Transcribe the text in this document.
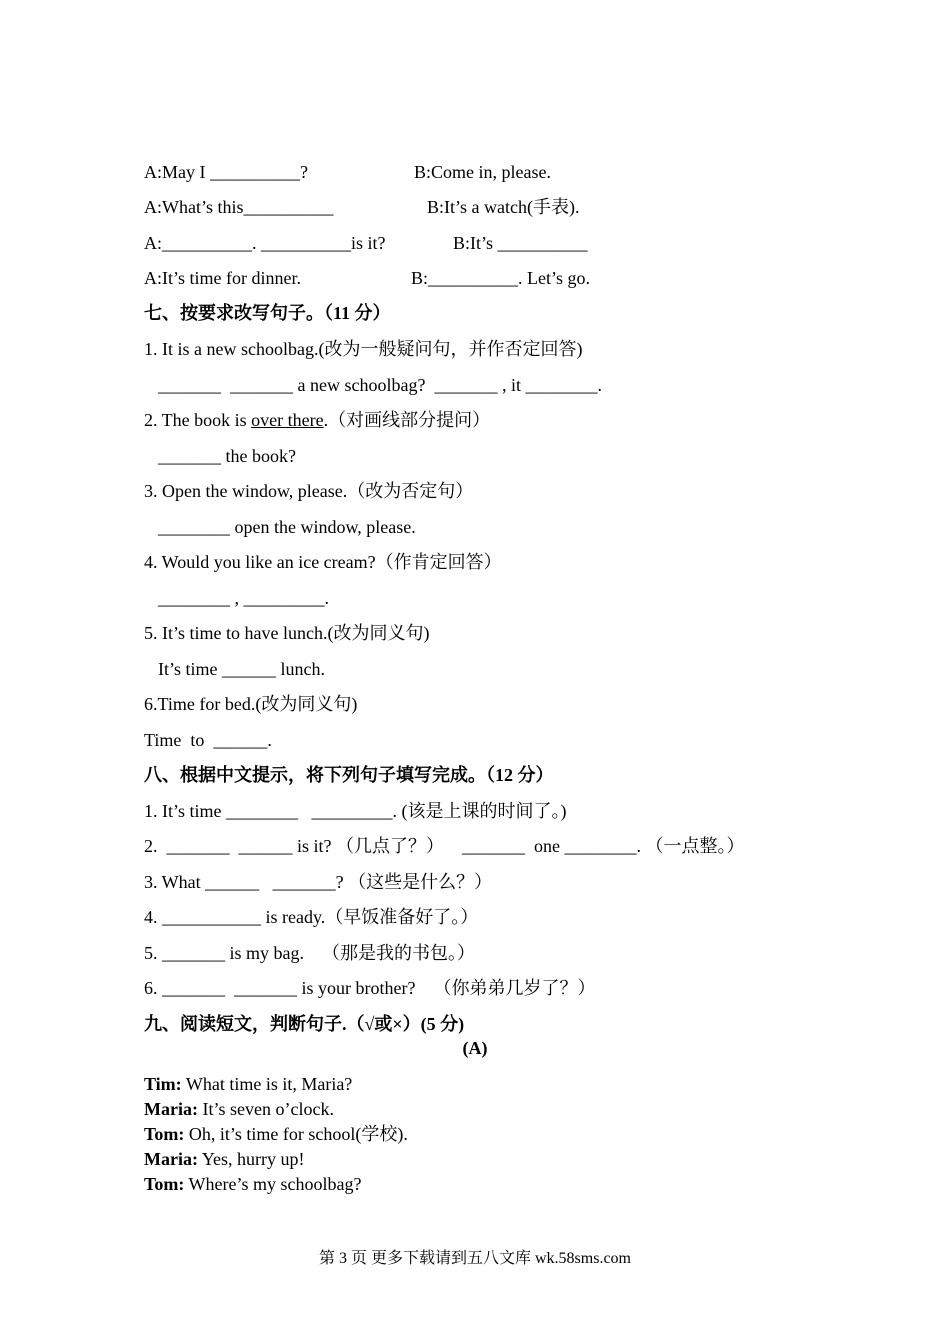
A:May I __________?	B:Come in, please.
A:What’s this__________	B:It’s a watch(手表).
A:__________. __________is it?	B:It’s __________
A:It’s time for dinner.	B:__________. Let’s go.
七、按要求改写句子。（11 分）
1. It is a new schoolbag.(改为一般疑问句，并作否定回答)
_______  _______ a new schoolbag?  _______ , it ________.
2. The book is over there.（对画线部分提问）
_______ the book?
3. Open the window, please.（改为否定句）
________ open the window, please.
4. Would you like an ice cream?（作肯定回答）
________ , _________.
5. It’s time to have lunch.(改为同义句)
It’s time ______ lunch.
6.Time for bed.(改为同义句)
Time  to  ______.
八、根据中文提示，将下列句子填写完成。（12 分）
1. It’s time ________   _________. (该是上课的时间了。)
2.  _______  ______ is it? （几点了？）    _______  one ________. （一点整。）
3. What ______   _______? （这些是什么？）
4. ___________ is ready.（早饭准备好了。）
5. _______ is my bag.    （那是我的书包。）
6. _______  _______ is your brother?    （你弟弟几岁了？）
九、阅读短文，判断句子.（√或×）(5 分)
(A)
Tim: What time is it, Maria?
Maria: It’s seven o’clock.
Tom: Oh, it’s time for school(学校).
Maria: Yes, hurry up!
Tom: Where’s my schoolbag?
第 3 页 更多下载请到五八文库 wk.58sms.com
